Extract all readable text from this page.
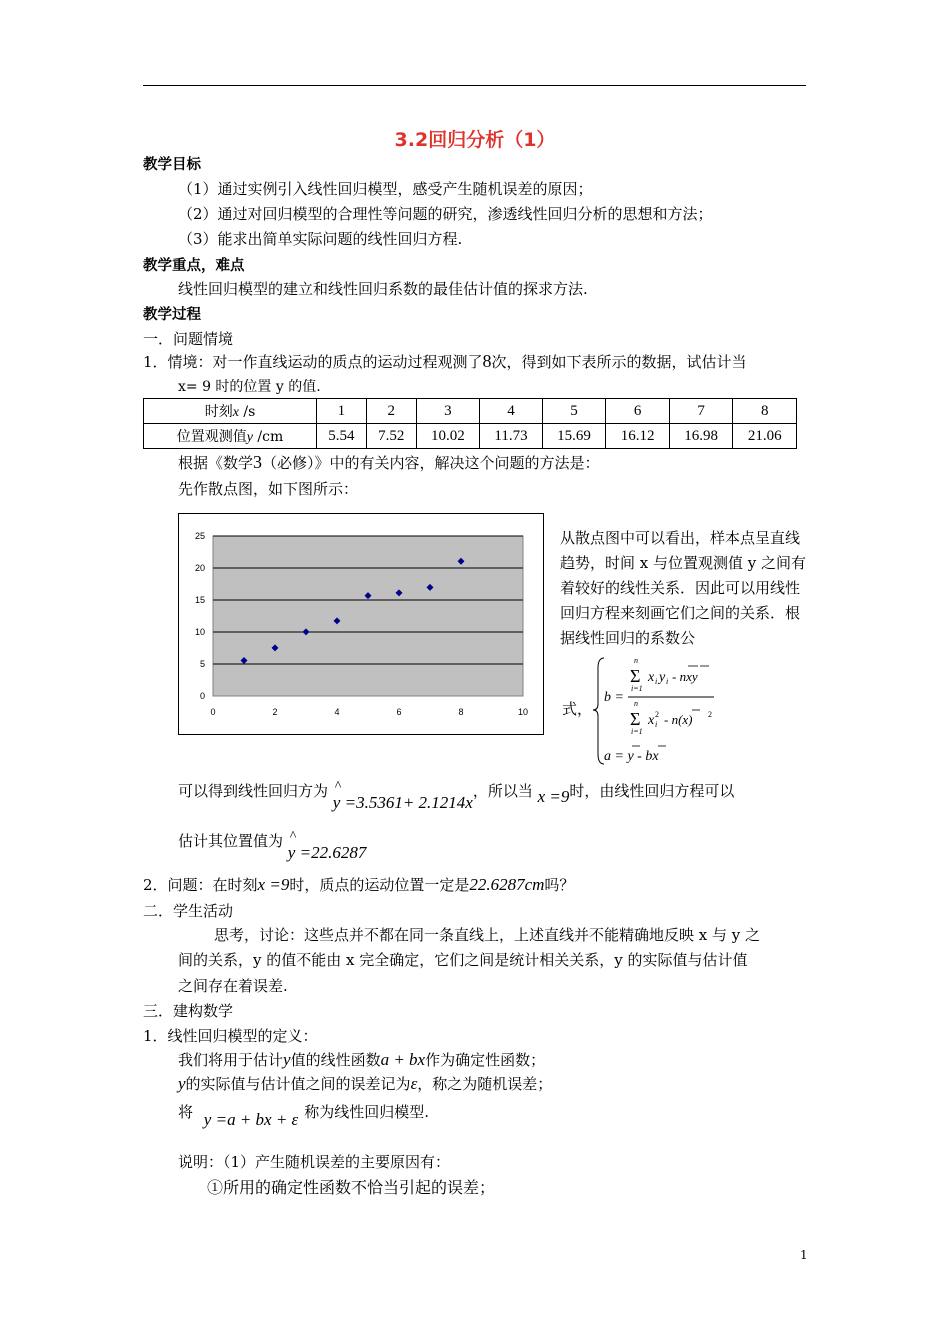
3.2回归分析（1）
教学目标
（1）通过实例引入线性回归模型，感受产生随机误差的原因；
（2）通过对回归模型的合理性等问题的研究，渗透线性回归分析的思想和方法；
（3）能求出简单实际问题的线性回归方程.
教学重点，难点
线性回归模型的建立和线性回归系数的最佳估计值的探求方法.
教学过程
一．问题情境
1．情境：对一作直线运动的质点的运动过程观测了8次，得到如下表所示的数据，试估计当
x= 9 时的位置 y 的值.
时刻x /s	1	2	3	4	5	6	7	8
位置观测值y /cm	5.54	7.52	10.02	11.73	15.69	16.12	16.98	21.06
根据《数学3（必修）》中的有关内容，解决这个问题的方法是：
先作散点图，如下图所示：
0
5
10
15
20
25
0	2	4	6	8	10
从散点图中可以看出，样本点呈直线趋势，时间 x 与位置观测值 y 之间有着较好的线性关系．因此可以用线性回归方程来刻画它们之间的关系．根据线性回归的系数公
式，
b =
n
Σ
i=1
x i y i - nxy
n
Σ
i=1
x i
2 - n(x) 2
a = y - bx
可以得到线性回归方为 ^
y =3.5361+ 2.1214x，所以当 x =9时，由线性回归方程可以
估计其位置值为 ^
y =22.6287
2．问题：在时刻x =9时，质点的运动位置一定是22.6287cm吗？
二．学生活动
思考，讨论：这些点并不都在同一条直线上，上述直线并不能精确地反映 x 与 y 之
间的关系，y 的值不能由 x 完全确定，它们之间是统计相关关系，y 的实际值与估计值
之间存在着误差.
三．建构数学
1．线性回归模型的定义：
我们将用于估计y值的线性函数a + bx作为确定性函数；
y的实际值与估计值之间的误差记为ε，称之为随机误差；
将 y =a + bx + ε 称为线性回归模型.
说明：（1）产生随机误差的主要原因有：
①所用的确定性函数不恰当引起的误差；
1
